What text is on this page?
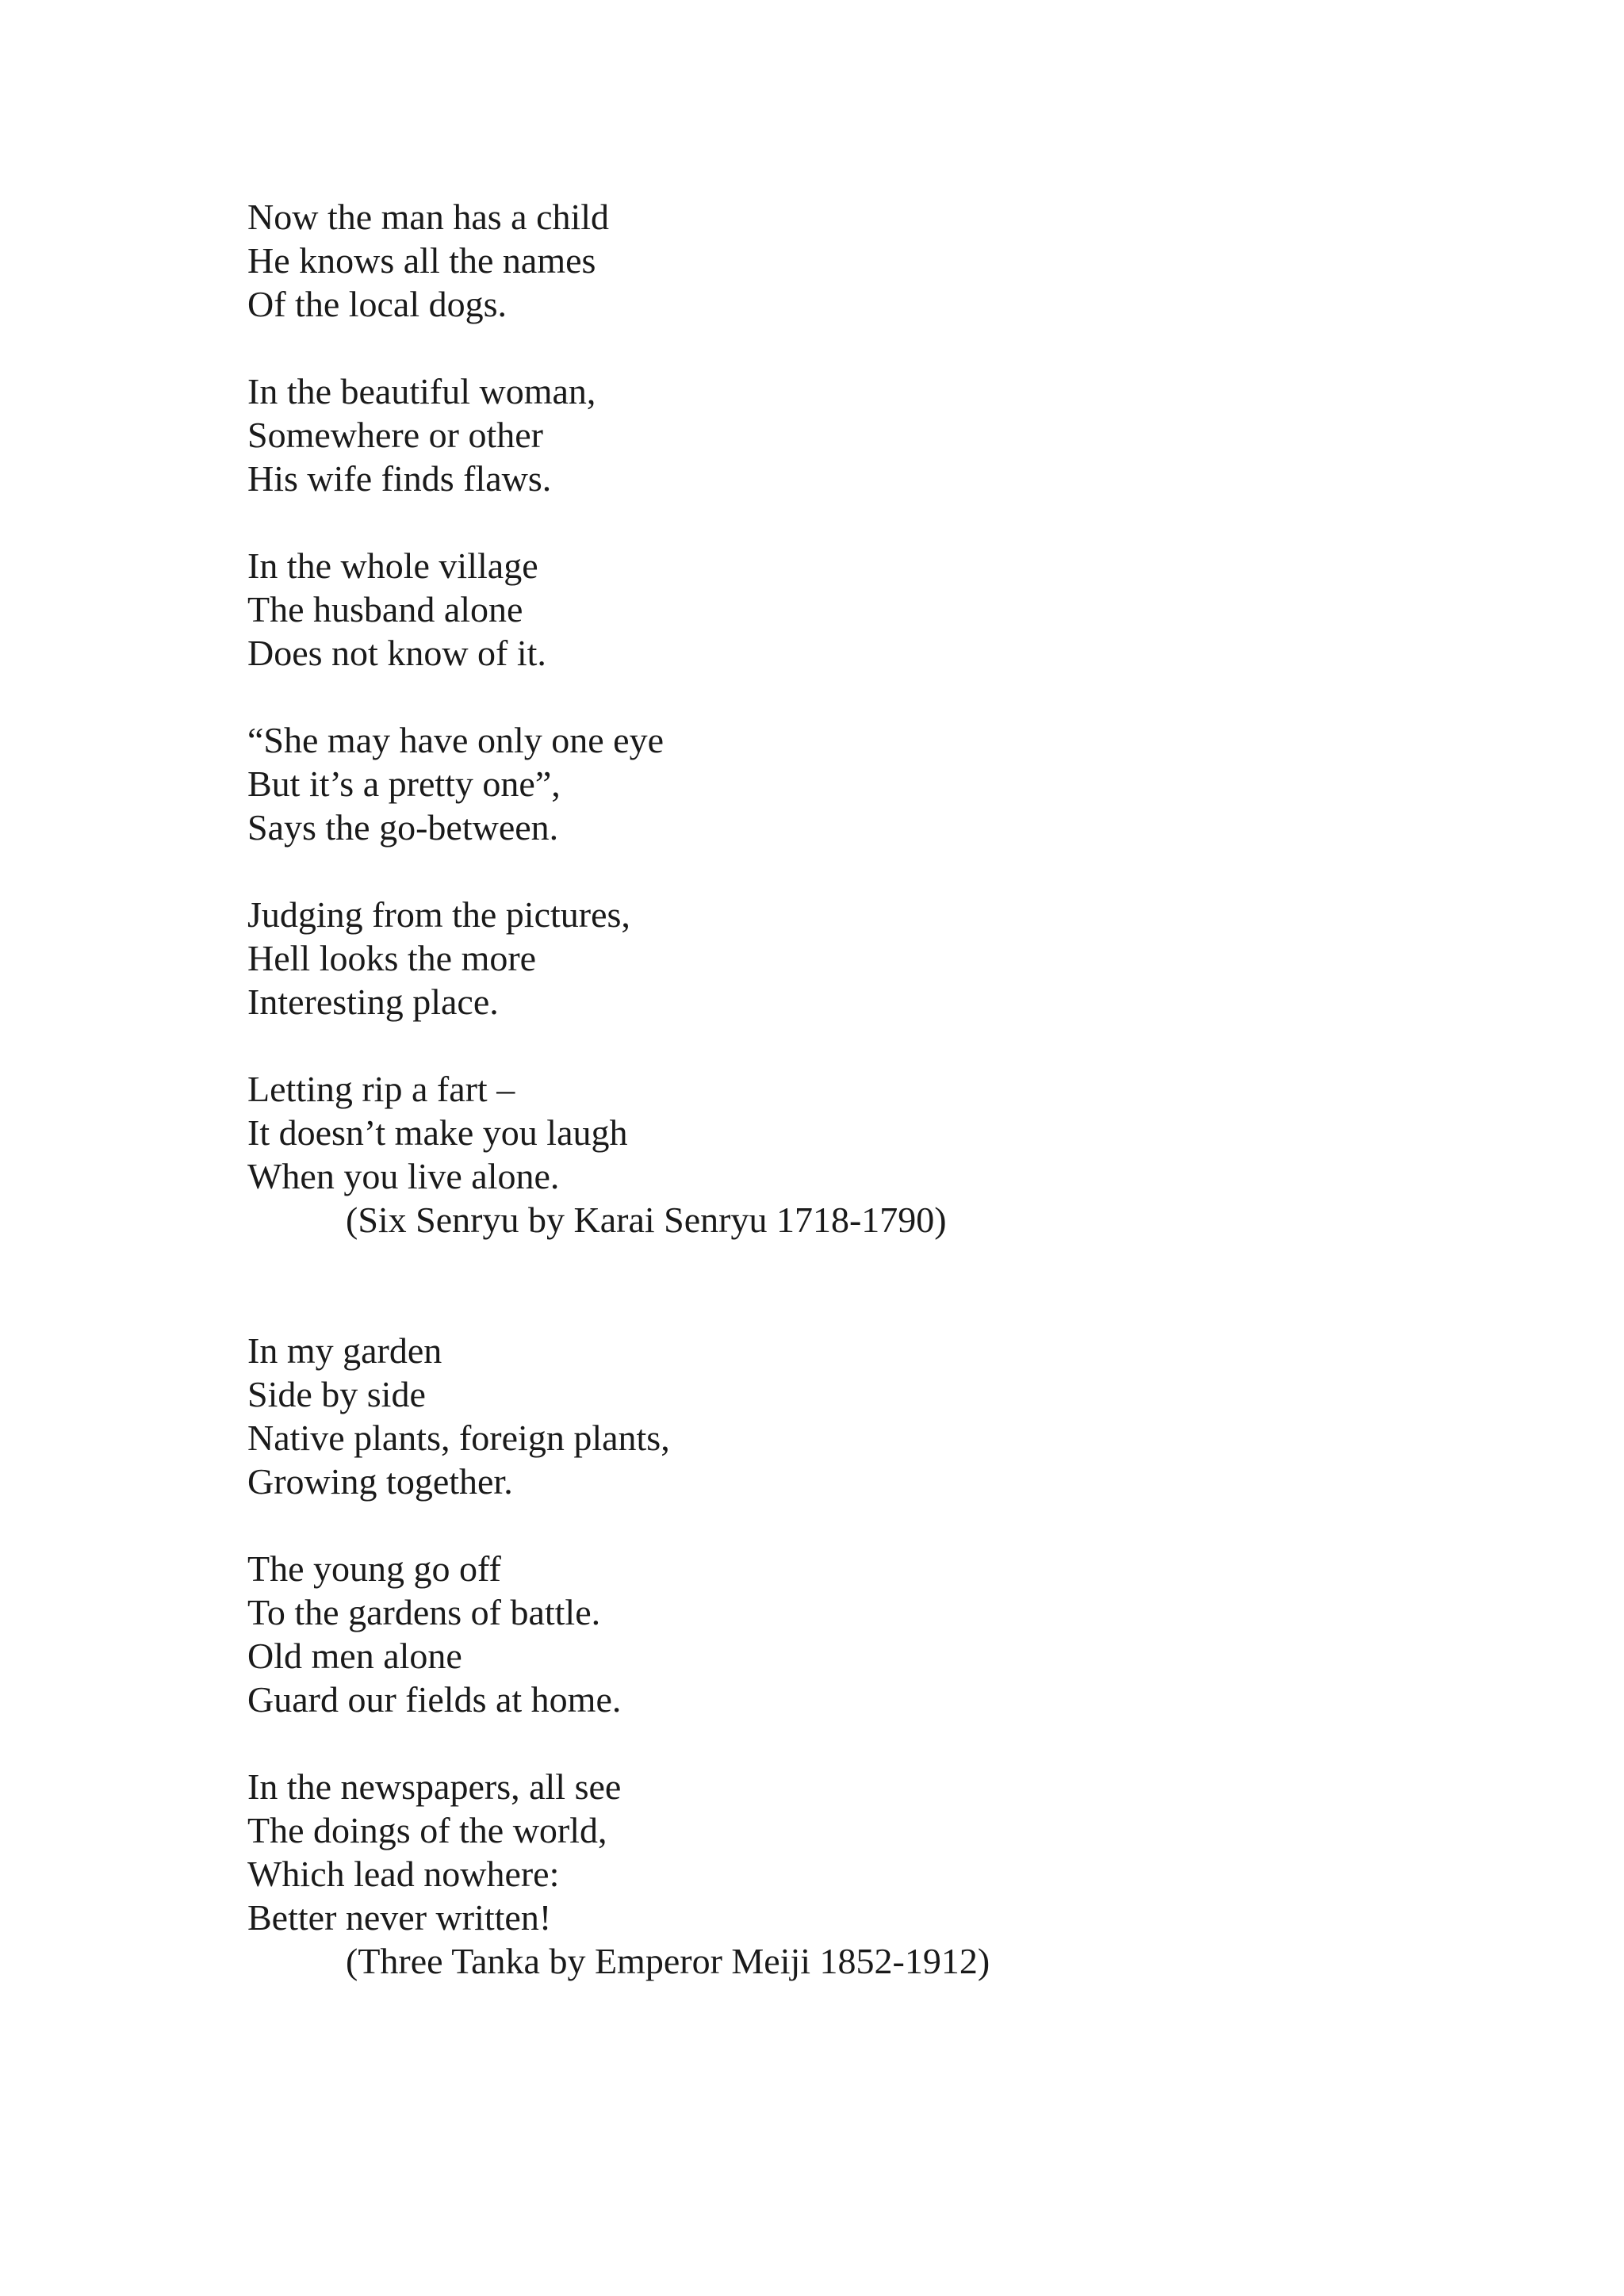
Now the man has a child
He knows all the names
Of the local dogs.
In the beautiful woman,
Somewhere or other
His wife finds flaws.
In the whole village
The husband alone
Does not know of it.
“She may have only one eye
But it’s a pretty one”,
Says the go-between.
Judging from the pictures,
Hell looks the more
Interesting place.
Letting rip a fart –
It doesn’t make you laugh
When you live alone.
(Six Senryu by Karai Senryu 1718-1790)
In my garden
Side by side
Native plants, foreign plants,
Growing together.
The young go off
To the gardens of battle.
Old men alone
Guard our fields at home.
In the newspapers, all see
The doings of the world,
Which lead nowhere:
Better never written!
(Three Tanka by Emperor Meiji 1852-1912)
